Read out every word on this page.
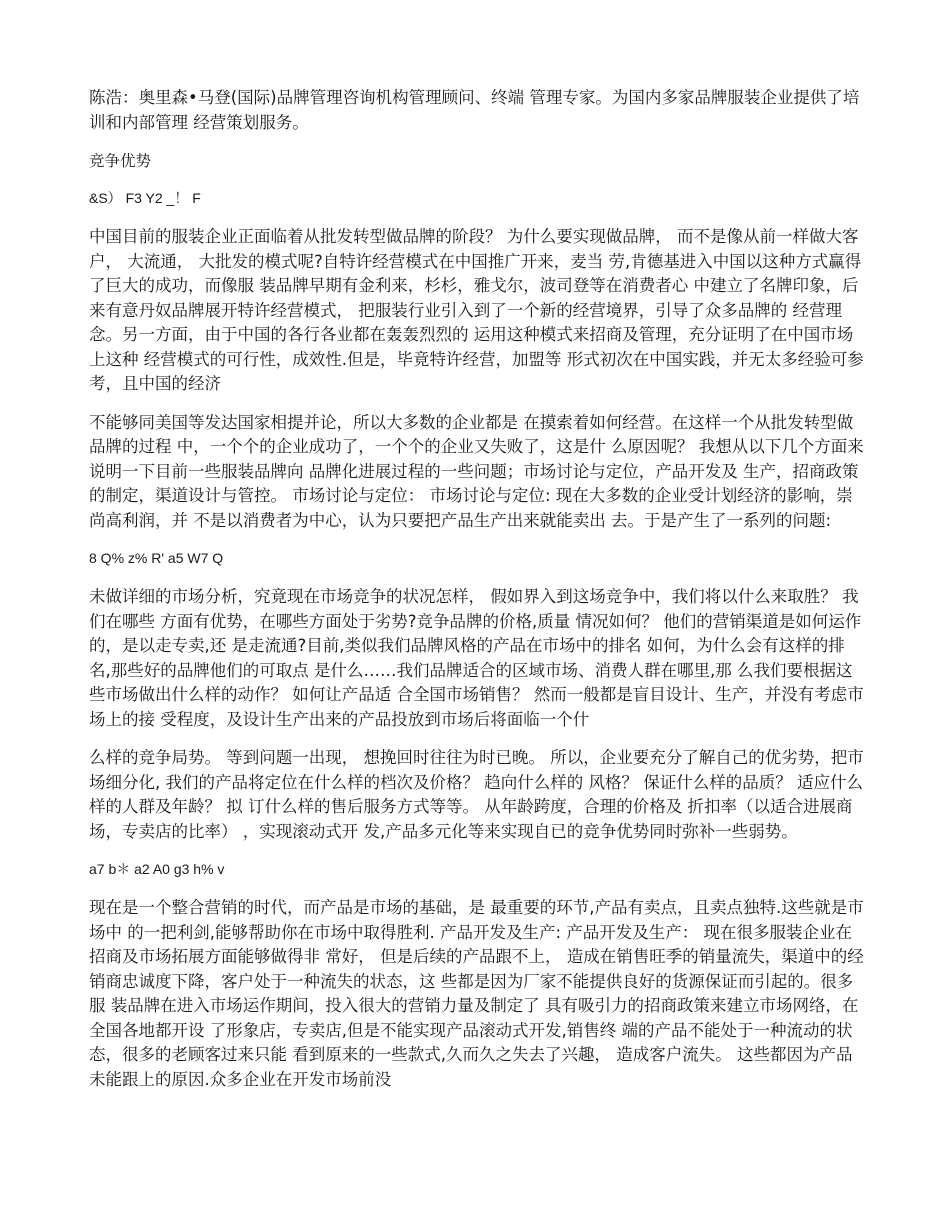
陈浩：奥里森•马登(国际)品牌管理咨询机构管理顾问、终端 管理专家。为国内多家品牌服装企业提供了培训和内部管理 经营策划服务。

竞争优势

&S） F3 Y2 _！ F

中国目前的服装企业正面临着从批发转型做品牌的阶段？ 为什么要实现做品牌， 而不是像从前一样做大客户， 大流通， 大批发的模式呢?自特许经营模式在中国推广开来，麦当 劳,肯德基进入中国以这种方式赢得了巨大的成功，而像服 装品牌早期有金利来，杉杉，雅戈尔，波司登等在消费者心 中建立了名牌印象，后来有意丹奴品牌展开特许经营模式， 把服装行业引入到了一个新的经营境界，引导了众多品牌的 经营理念。另一方面，由于中国的各行各业都在轰轰烈烈的 运用这种模式来招商及管理，充分证明了在中国市场上这种 经营模式的可行性，成效性.但是，毕竟特许经营，加盟等 形式初次在中国实践，并无太多经验可参考，且中国的经济

不能够同美国等发达国家相提并论，所以大多数的企业都是 在摸索着如何经营。在这样一个从批发转型做品牌的过程 中，一个个的企业成功了，一个个的企业又失败了，这是什 么原因呢？ 我想从以下几个方面来说明一下目前一些服装品牌向 品牌化进展过程的一些问题；市场讨论与定位，产品开发及 生产，招商政策的制定，渠道设计与管控。 市场讨论与定位： 市场讨论与定位: 现在大多数的企业受计划经济的影响，崇尚高利润，并 不是以消费者为中心，认为只要把产品生产出来就能卖出 去。于是产生了一系列的问题:

8 Q% z% R' a5 W7 Q

未做详细的市场分析，究竟现在市场竞争的状况怎样， 假如界入到这场竞争中，我们将以什么来取胜？ 我们在哪些 方面有优势，在哪些方面处于劣势?竞争品牌的价格,质量 情况如何？ 他们的营销渠道是如何运作的，是以走专卖,还 是走流通?目前,类似我们品牌风格的产品在市场中的排名 如何，为什么会有这样的排名,那些好的品牌他们的可取点 是什么……我们品牌适合的区域市场、消费人群在哪里,那 么我们要根据这些市场做出什么样的动作？ 如何让产品适 合全国市场销售？ 然而一般都是盲目设计、生产，并没有考虑市场上的接 受程度，及设计生产出来的产品投放到市场后将面临一个什

么样的竞争局势。 等到问题一出现， 想挽回时往往为时已晚。 所以，企业要充分了解自己的优劣势，把市场细分化, 我们的产品将定位在什么样的档次及价格？ 趋向什么样的 风格？ 保证什么样的品质？ 适应什么样的人群及年龄？ 拟 订什么样的售后服务方式等等。 从年龄跨度，合理的价格及 折扣率（以适合进展商场，专卖店的比率） ，实现滚动式开 发,产品多元化等来实现自已的竞争优势同时弥补一些弱势。

a7 b＊ a2 A0 g3 h% v

现在是一个整合营销的时代，而产品是市场的基础，是 最重要的环节,产品有卖点，且卖点独特.这些就是市场中 的一把利剑,能够帮助你在市场中取得胜利. 产品开发及生产: 产品开发及生产： 现在很多服装企业在招商及市场拓展方面能够做得非 常好， 但是后续的产品跟不上， 造成在销售旺季的销量流失，渠道中的经销商忠诚度下降，客户处于一种流失的状态，这 些都是因为厂家不能提供良好的货源保证而引起的。很多服 装品牌在进入市场运作期间，投入很大的营销力量及制定了 具有吸引力的招商政策来建立市场网络，在全国各地都开设 了形象店，专卖店,但是不能实现产品滚动式开发,销售终 端的产品不能处于一种流动的状态，很多的老顾客过来只能 看到原来的一些款式,久而久之失去了兴趣， 造成客户流失。 这些都因为产品未能跟上的原因.众多企业在开发市场前没
